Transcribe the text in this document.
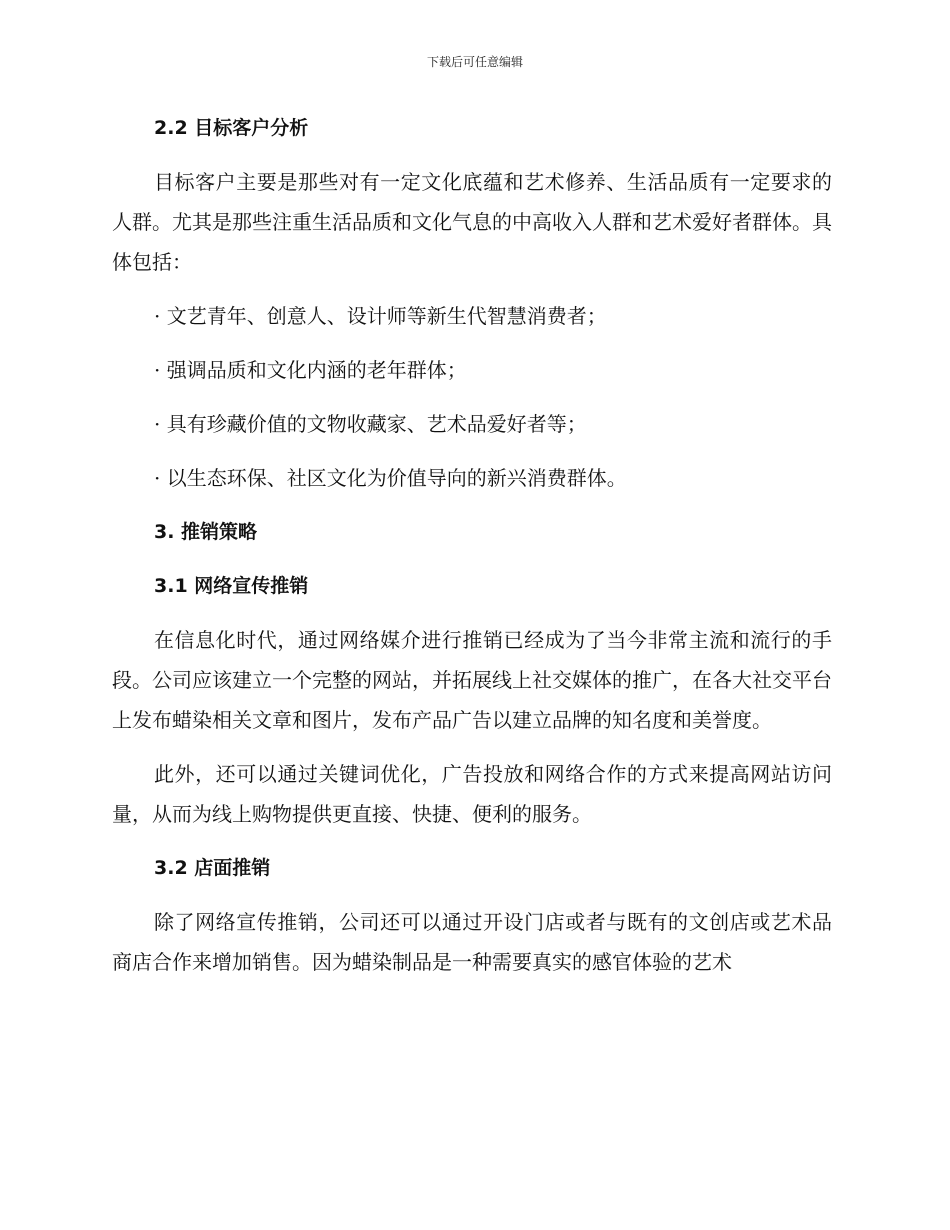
下载后可任意编辑
2.2 目标客户分析
目标客户主要是那些对有一定文化底蕴和艺术修养、生活品质有一定要求的人群。尤其是那些注重生活品质和文化气息的中高收入人群和艺术爱好者群体。具体包括：
· 文艺青年、创意人、设计师等新生代智慧消费者；
· 强调品质和文化内涵的老年群体；
· 具有珍藏价值的文物收藏家、艺术品爱好者等；
· 以生态环保、社区文化为价值导向的新兴消费群体。
3. 推销策略
3.1 网络宣传推销
在信息化时代，通过网络媒介进行推销已经成为了当今非常主流和流行的手段。公司应该建立一个完整的网站，并拓展线上社交媒体的推广，在各大社交平台上发布蜡染相关文章和图片，发布产品广告以建立品牌的知名度和美誉度。
此外，还可以通过关键词优化，广告投放和网络合作的方式来提高网站访问量，从而为线上购物提供更直接、快捷、便利的服务。
3.2 店面推销
除了网络宣传推销，公司还可以通过开设门店或者与既有的文创店或艺术品商店合作来增加销售。因为蜡染制品是一种需要真实的感官体验的艺术
